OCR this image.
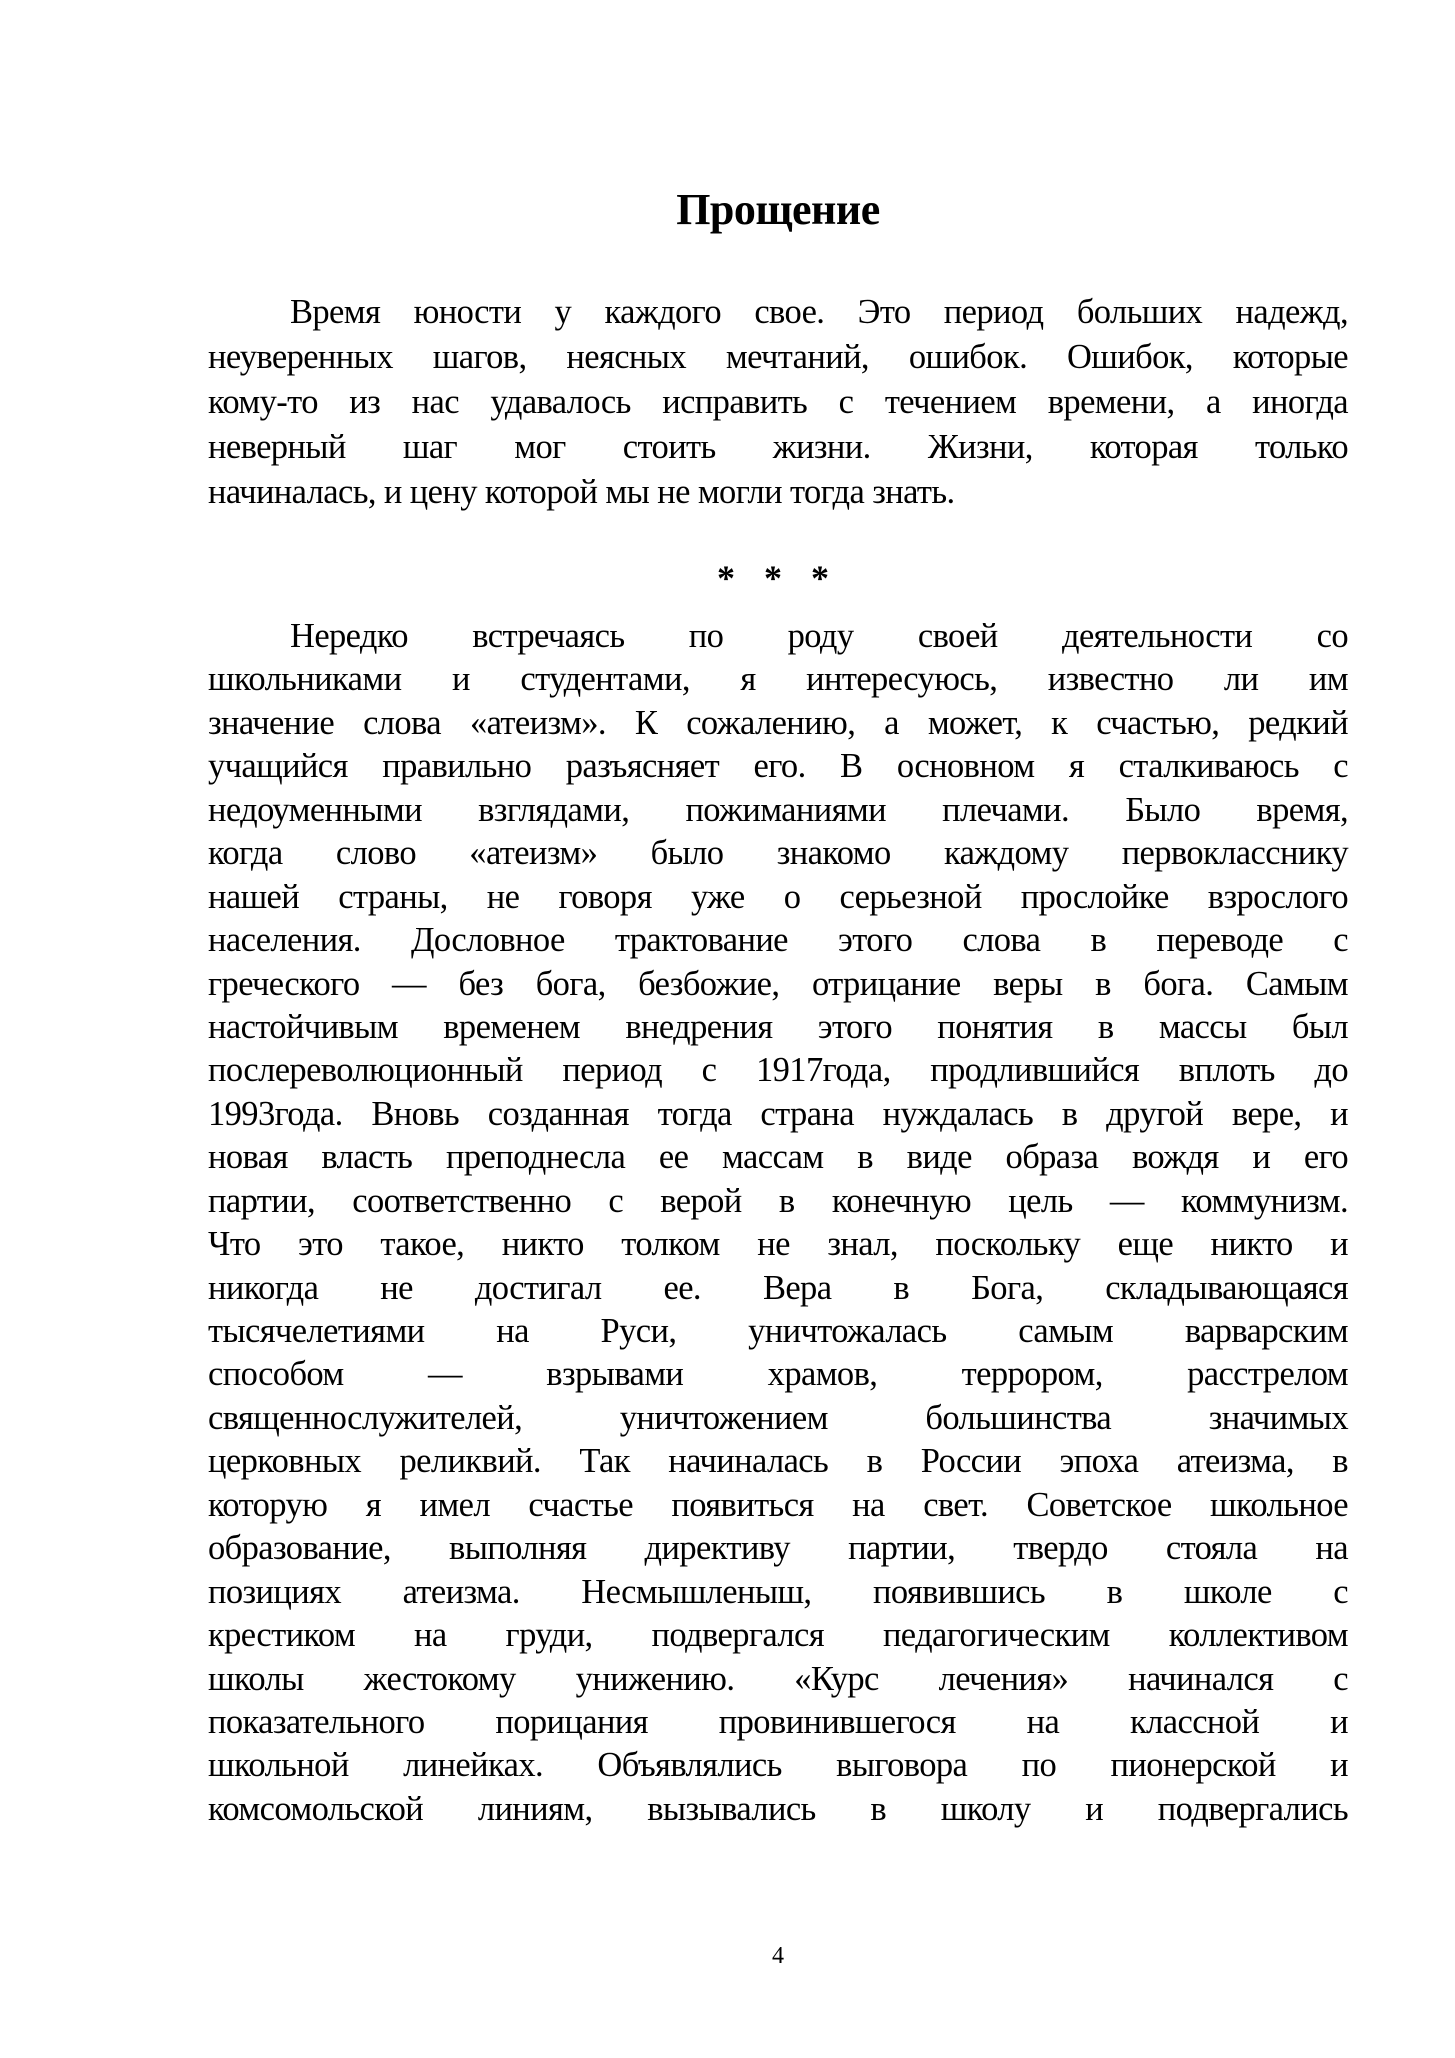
Прощение
Время юности у каждого свое. Это период больших надежд,
неуверенных шагов, неясных мечтаний, ошибок. Ошибок, которые
кому-то из нас удавалось исправить с течением времени, а иногда
неверный шаг мог стоить жизни. Жизни, которая только
начиналась, и цену которой мы не могли тогда знать.
* * *
Нередко встречаясь по роду своей деятельности со
школьниками и студентами, я интересуюсь, известно ли им
значение слова «атеизм». К сожалению, а может, к счастью, редкий
учащийся правильно разъясняет его. В основном я сталкиваюсь с
недоуменными взглядами, пожиманиями плечами. Было время,
когда слово «атеизм» было знакомо каждому первокласснику
нашей страны, не говоря уже о серьезной прослойке взрослого
населения. Дословное трактование этого слова в переводе с
греческого — без бога, безбожие, отрицание веры в бога. Самым
настойчивым временем внедрения этого понятия в массы был
послереволюционный период с 1917года, продлившийся вплоть до
1993года. Вновь созданная тогда страна нуждалась в другой вере, и
новая власть преподнесла ее массам в виде образа вождя и его
партии, соответственно с верой в конечную цель — коммунизм.
Что это такое, никто толком не знал, поскольку еще никто и
никогда не достигал ее. Вера в Бога, складывающаяся
тысячелетиями на Руси, уничтожалась самым варварским
способом — взрывами храмов, террором, расстрелом
священнослужителей, уничтожением большинства значимых
церковных реликвий. Так начиналась в России эпоха атеизма, в
которую я имел счастье появиться на свет. Советское школьное
образование, выполняя директиву партии, твердо стояла на
позициях атеизма. Несмышленыш, появившись в школе с
крестиком на груди, подвергался педагогическим коллективом
школы жестокому унижению. «Курс лечения» начинался с
показательного порицания провинившегося на классной и
школьной линейках. Объявлялись выговора по пионерской и
комсомольской линиям, вызывались в школу и подвергались
4
